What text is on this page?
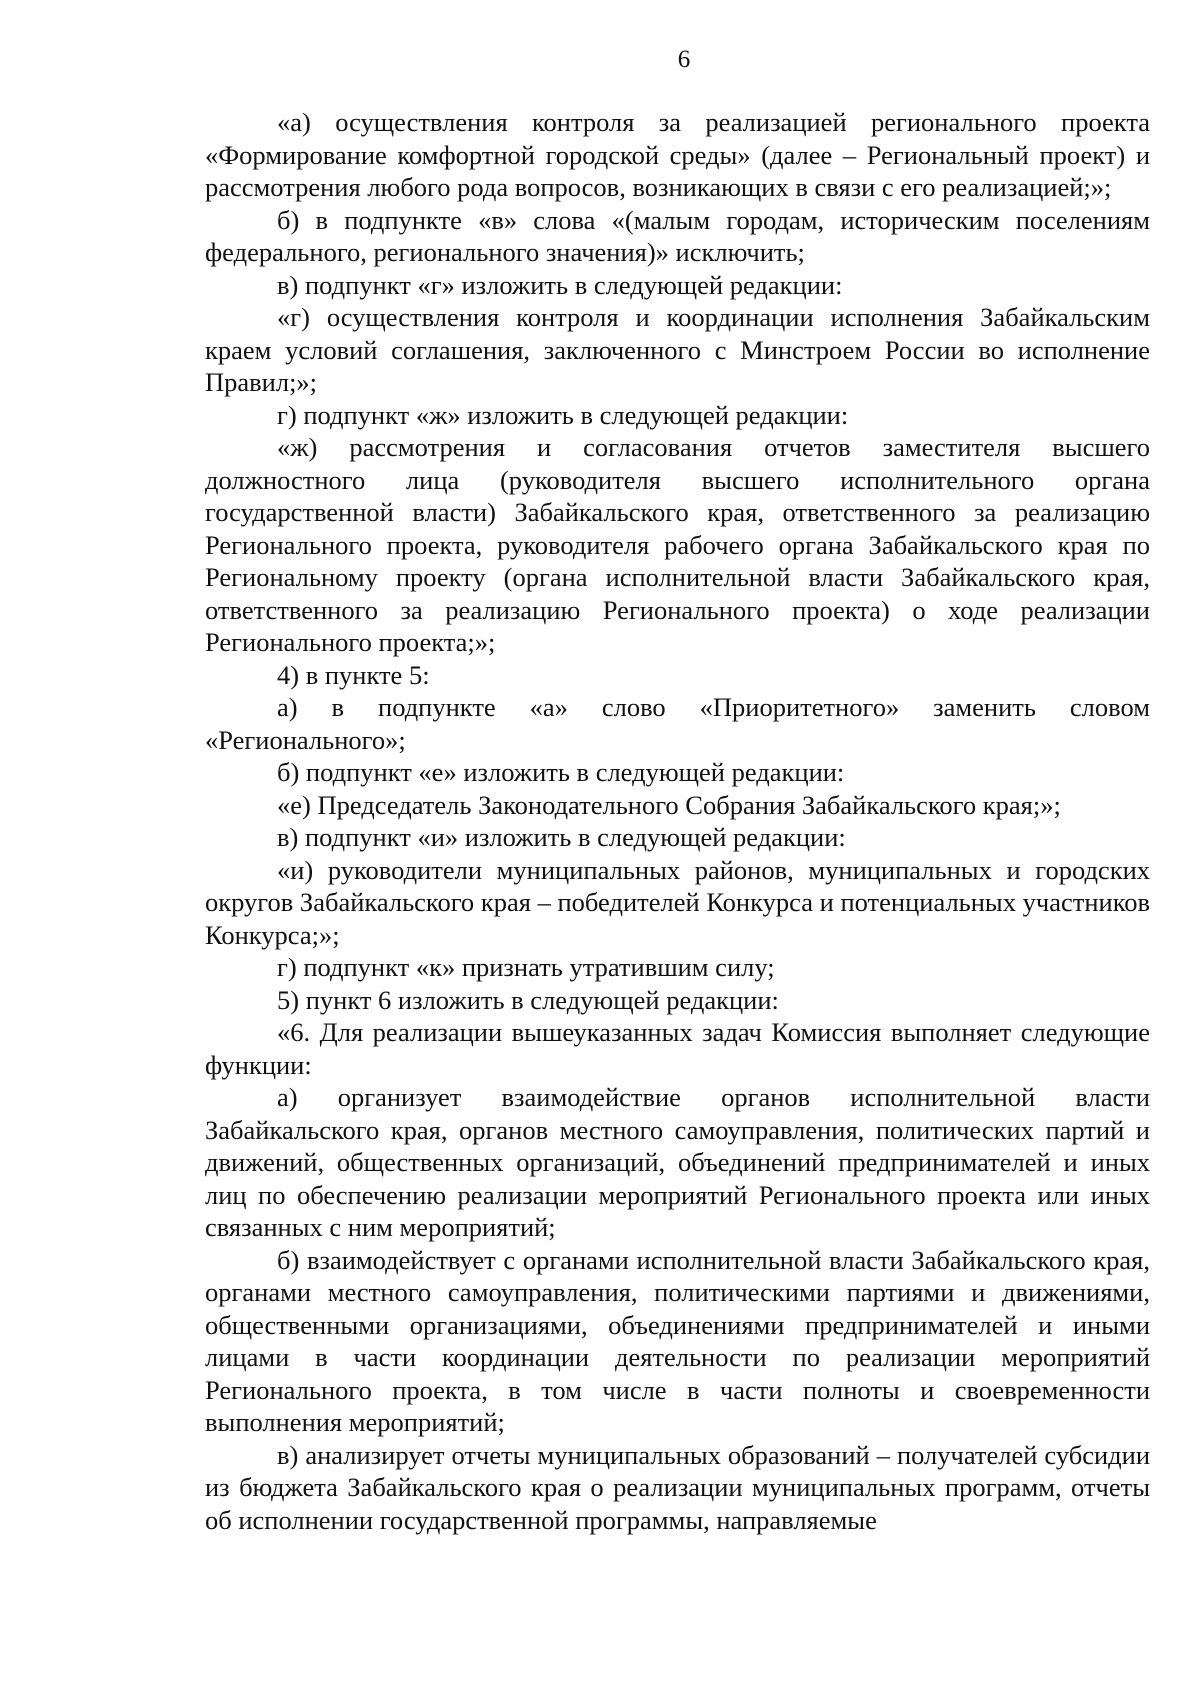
6

«а) осуществления контроля за реализацией регионального проекта «Формирование комфортной городской среды» (далее – Региональный проект) и рассмотрения любого рода вопросов, возникающих в связи с его реализацией;»;

б) в подпункте «в» слова «(малым городам, историческим поселениям федерального, регионального значения)» исключить;

в) подпункт «г» изложить в следующей редакции:

«г) осуществления контроля и координации исполнения Забайкальским краем условий соглашения, заключенного с Минстроем России во исполнение Правил;»;

г) подпункт «ж» изложить в следующей редакции:

«ж) рассмотрения и согласования отчетов заместителя высшего должностного лица (руководителя высшего исполнительного органа государственной власти) Забайкальского края, ответственного за реализацию Регионального проекта, руководителя рабочего органа Забайкальского края по Региональному проекту (органа исполнительной власти Забайкальского края, ответственного за реализацию Регионального проекта) о ходе реализации Регионального проекта;»;

4) в пункте 5:

а) в подпункте «а» слово «Приоритетного» заменить словом «Регионального»;

б) подпункт «е» изложить в следующей редакции:

«е) Председатель Законодательного Собрания Забайкальского края;»;

в) подпункт «и» изложить в следующей редакции:

«и) руководители муниципальных районов, муниципальных и городских округов Забайкальского края – победителей Конкурса и потенциальных участников Конкурса;»;

г) подпункт «к» признать утратившим силу;

5) пункт 6 изложить в следующей редакции:

«6. Для реализации вышеуказанных задач Комиссия выполняет следующие функции:

а) организует взаимодействие органов исполнительной власти Забайкальского края, органов местного самоуправления, политических партий и движений, общественных организаций, объединений предпринимателей и иных лиц по обеспечению реализации мероприятий Регионального проекта или иных связанных с ним мероприятий;

б) взаимодействует с органами исполнительной власти Забайкальского края, органами местного самоуправления, политическими партиями и движениями, общественными организациями, объединениями предпринимателей и иными лицами в части координации деятельности по реализации мероприятий Регионального проекта, в том числе в части полноты и своевременности выполнения мероприятий;

в) анализирует отчеты муниципальных образований – получателей субсидии из бюджета Забайкальского края о реализации муниципальных программ, отчеты об исполнении государственной программы, направляемые
